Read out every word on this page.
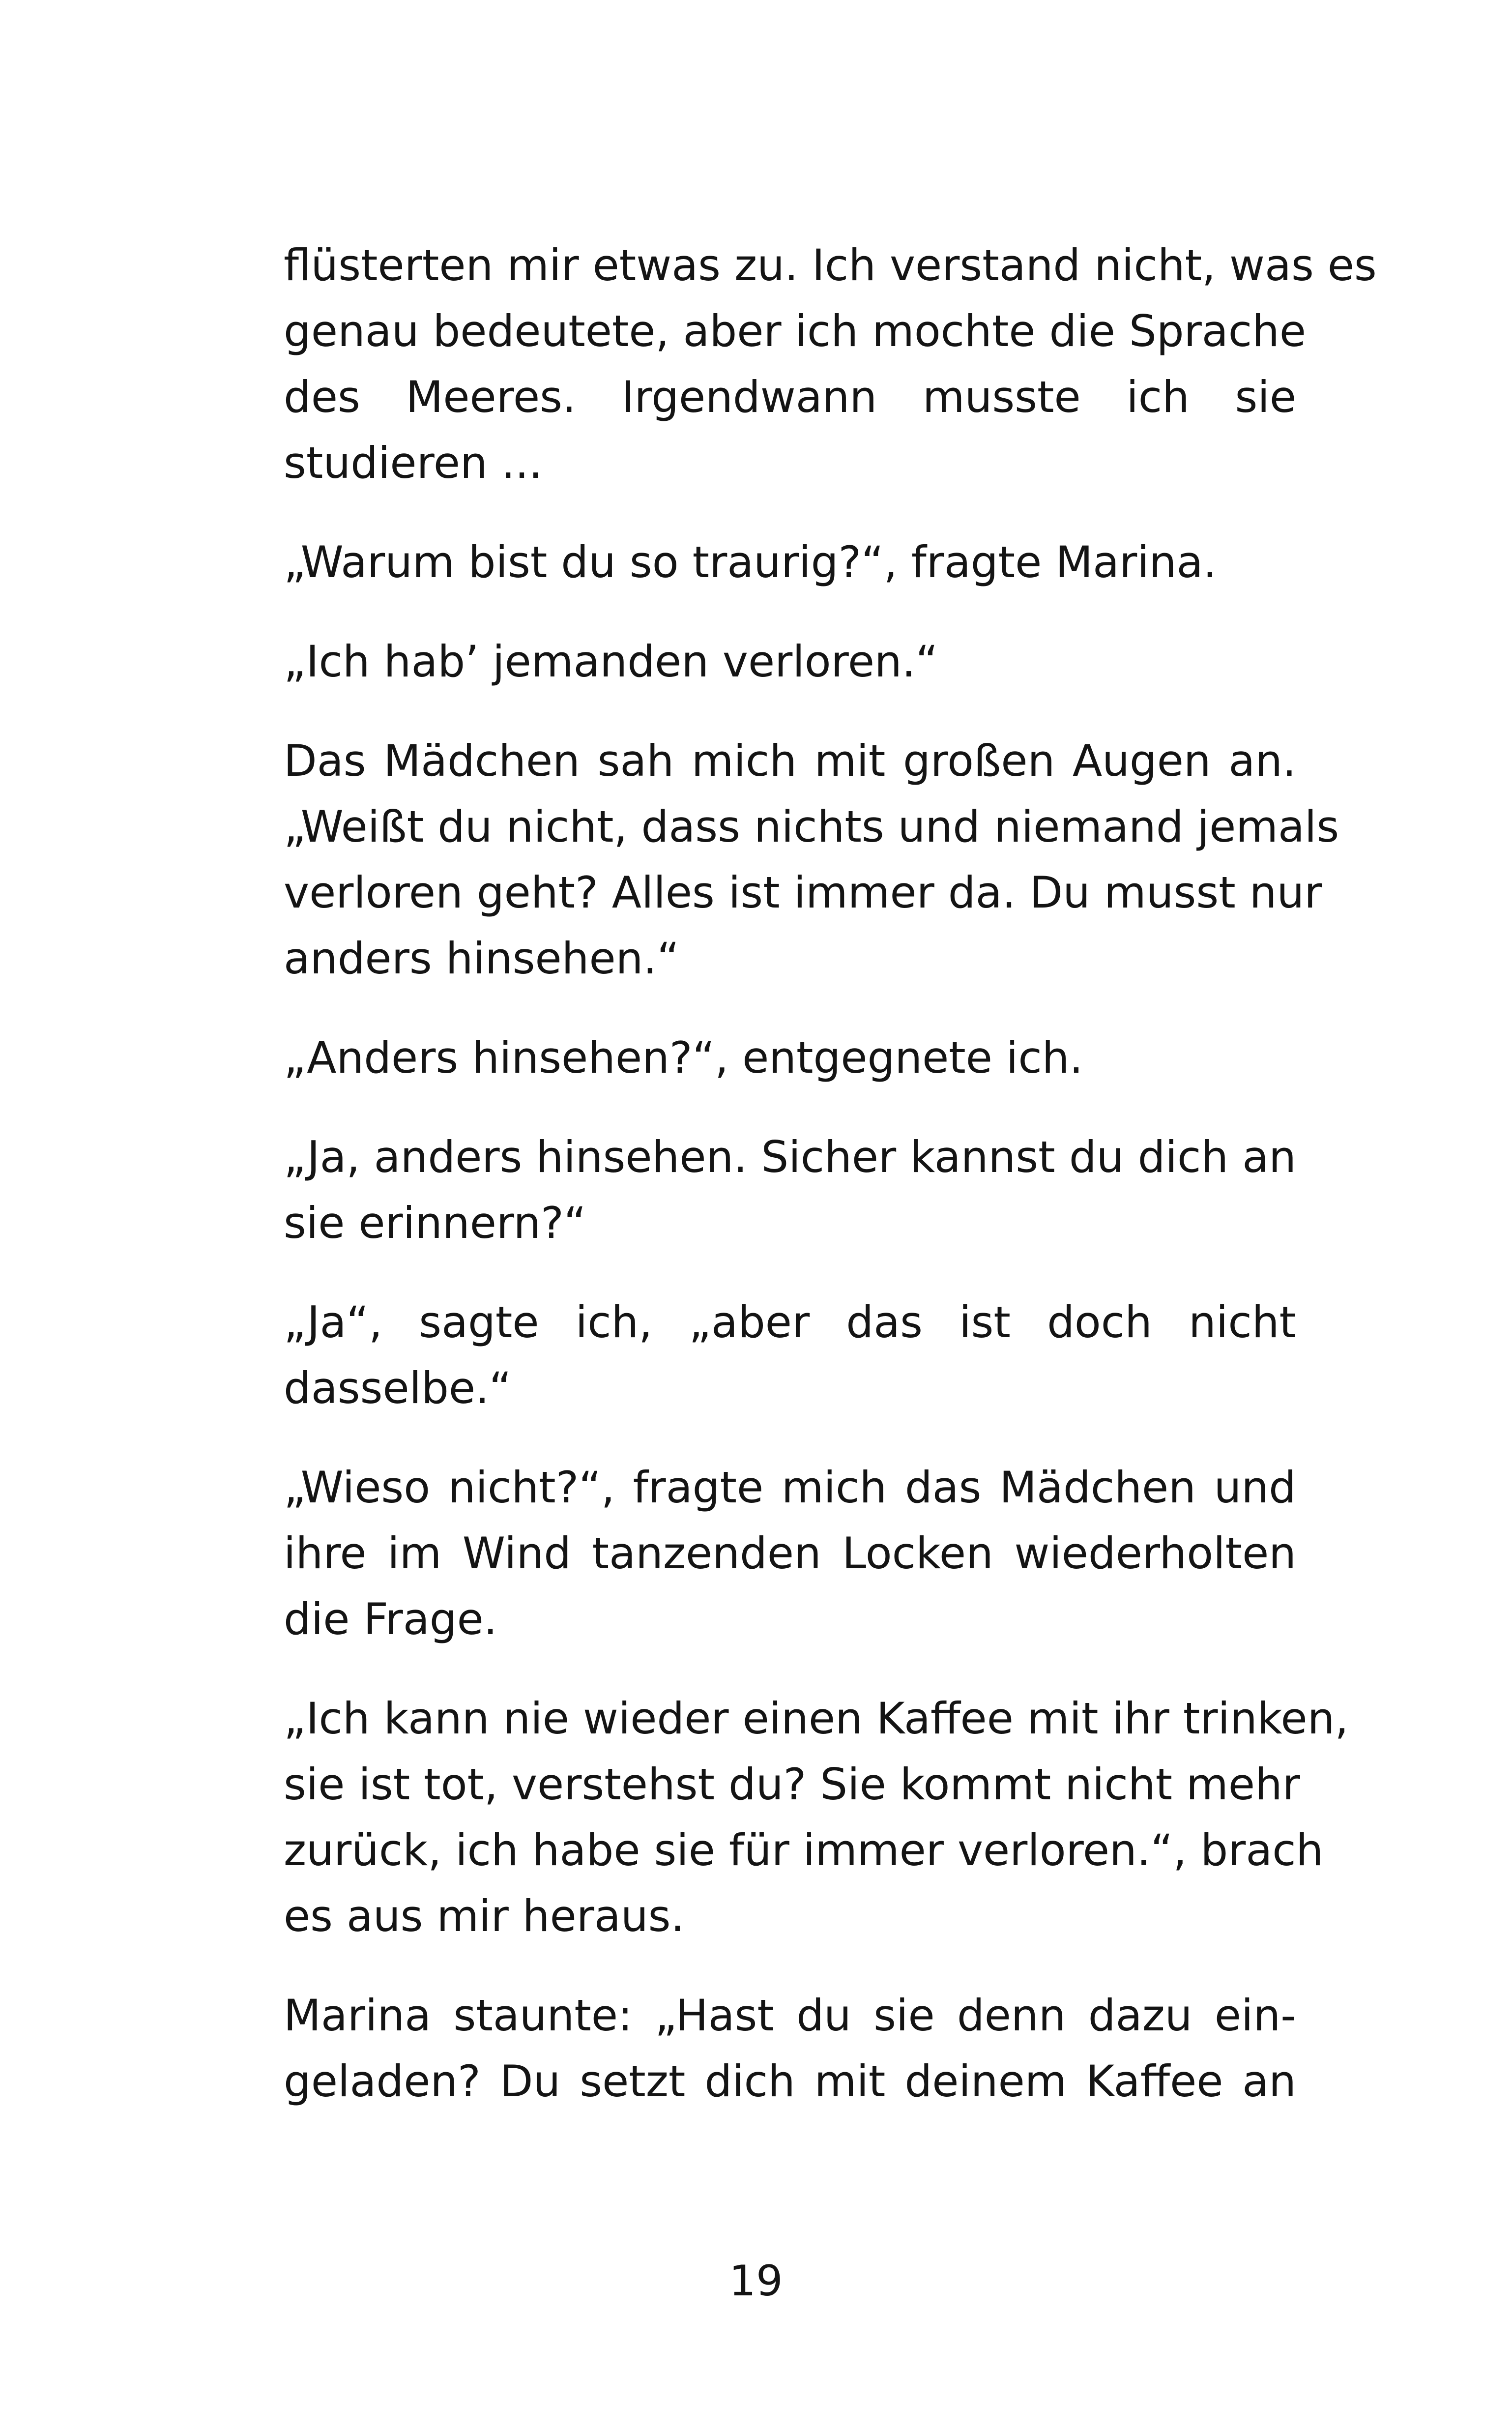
flüsterten mir etwas zu. Ich verstand nicht, was es
genau bedeutete, aber ich mochte die Sprache
des Meeres. Irgendwann musste ich sie
studieren ...

„Warum bist du so traurig?“, fragte Marina.

„Ich hab’ jemanden verloren.“

Das Mädchen sah mich mit großen Augen an.
„Weißt du nicht, dass nichts und niemand jemals
verloren geht? Alles ist immer da. Du musst nur
anders hinsehen.“

„Anders hinsehen?“, entgegnete ich.

„Ja, anders hinsehen. Sicher kannst du dich an
sie erinnern?“

„Ja“, sagte ich, „aber das ist doch nicht
dasselbe.“

„Wieso nicht?“, fragte mich das Mädchen und
ihre im Wind tanzenden Locken wiederholten
die Frage.

„Ich kann nie wieder einen Kaffee mit ihr trinken,
sie ist tot, verstehst du? Sie kommt nicht mehr
zurück, ich habe sie für immer verloren.“, brach
es aus mir heraus.

Marina staunte: „Hast du sie denn dazu ein-
geladen? Du setzt dich mit deinem Kaffee an

19
